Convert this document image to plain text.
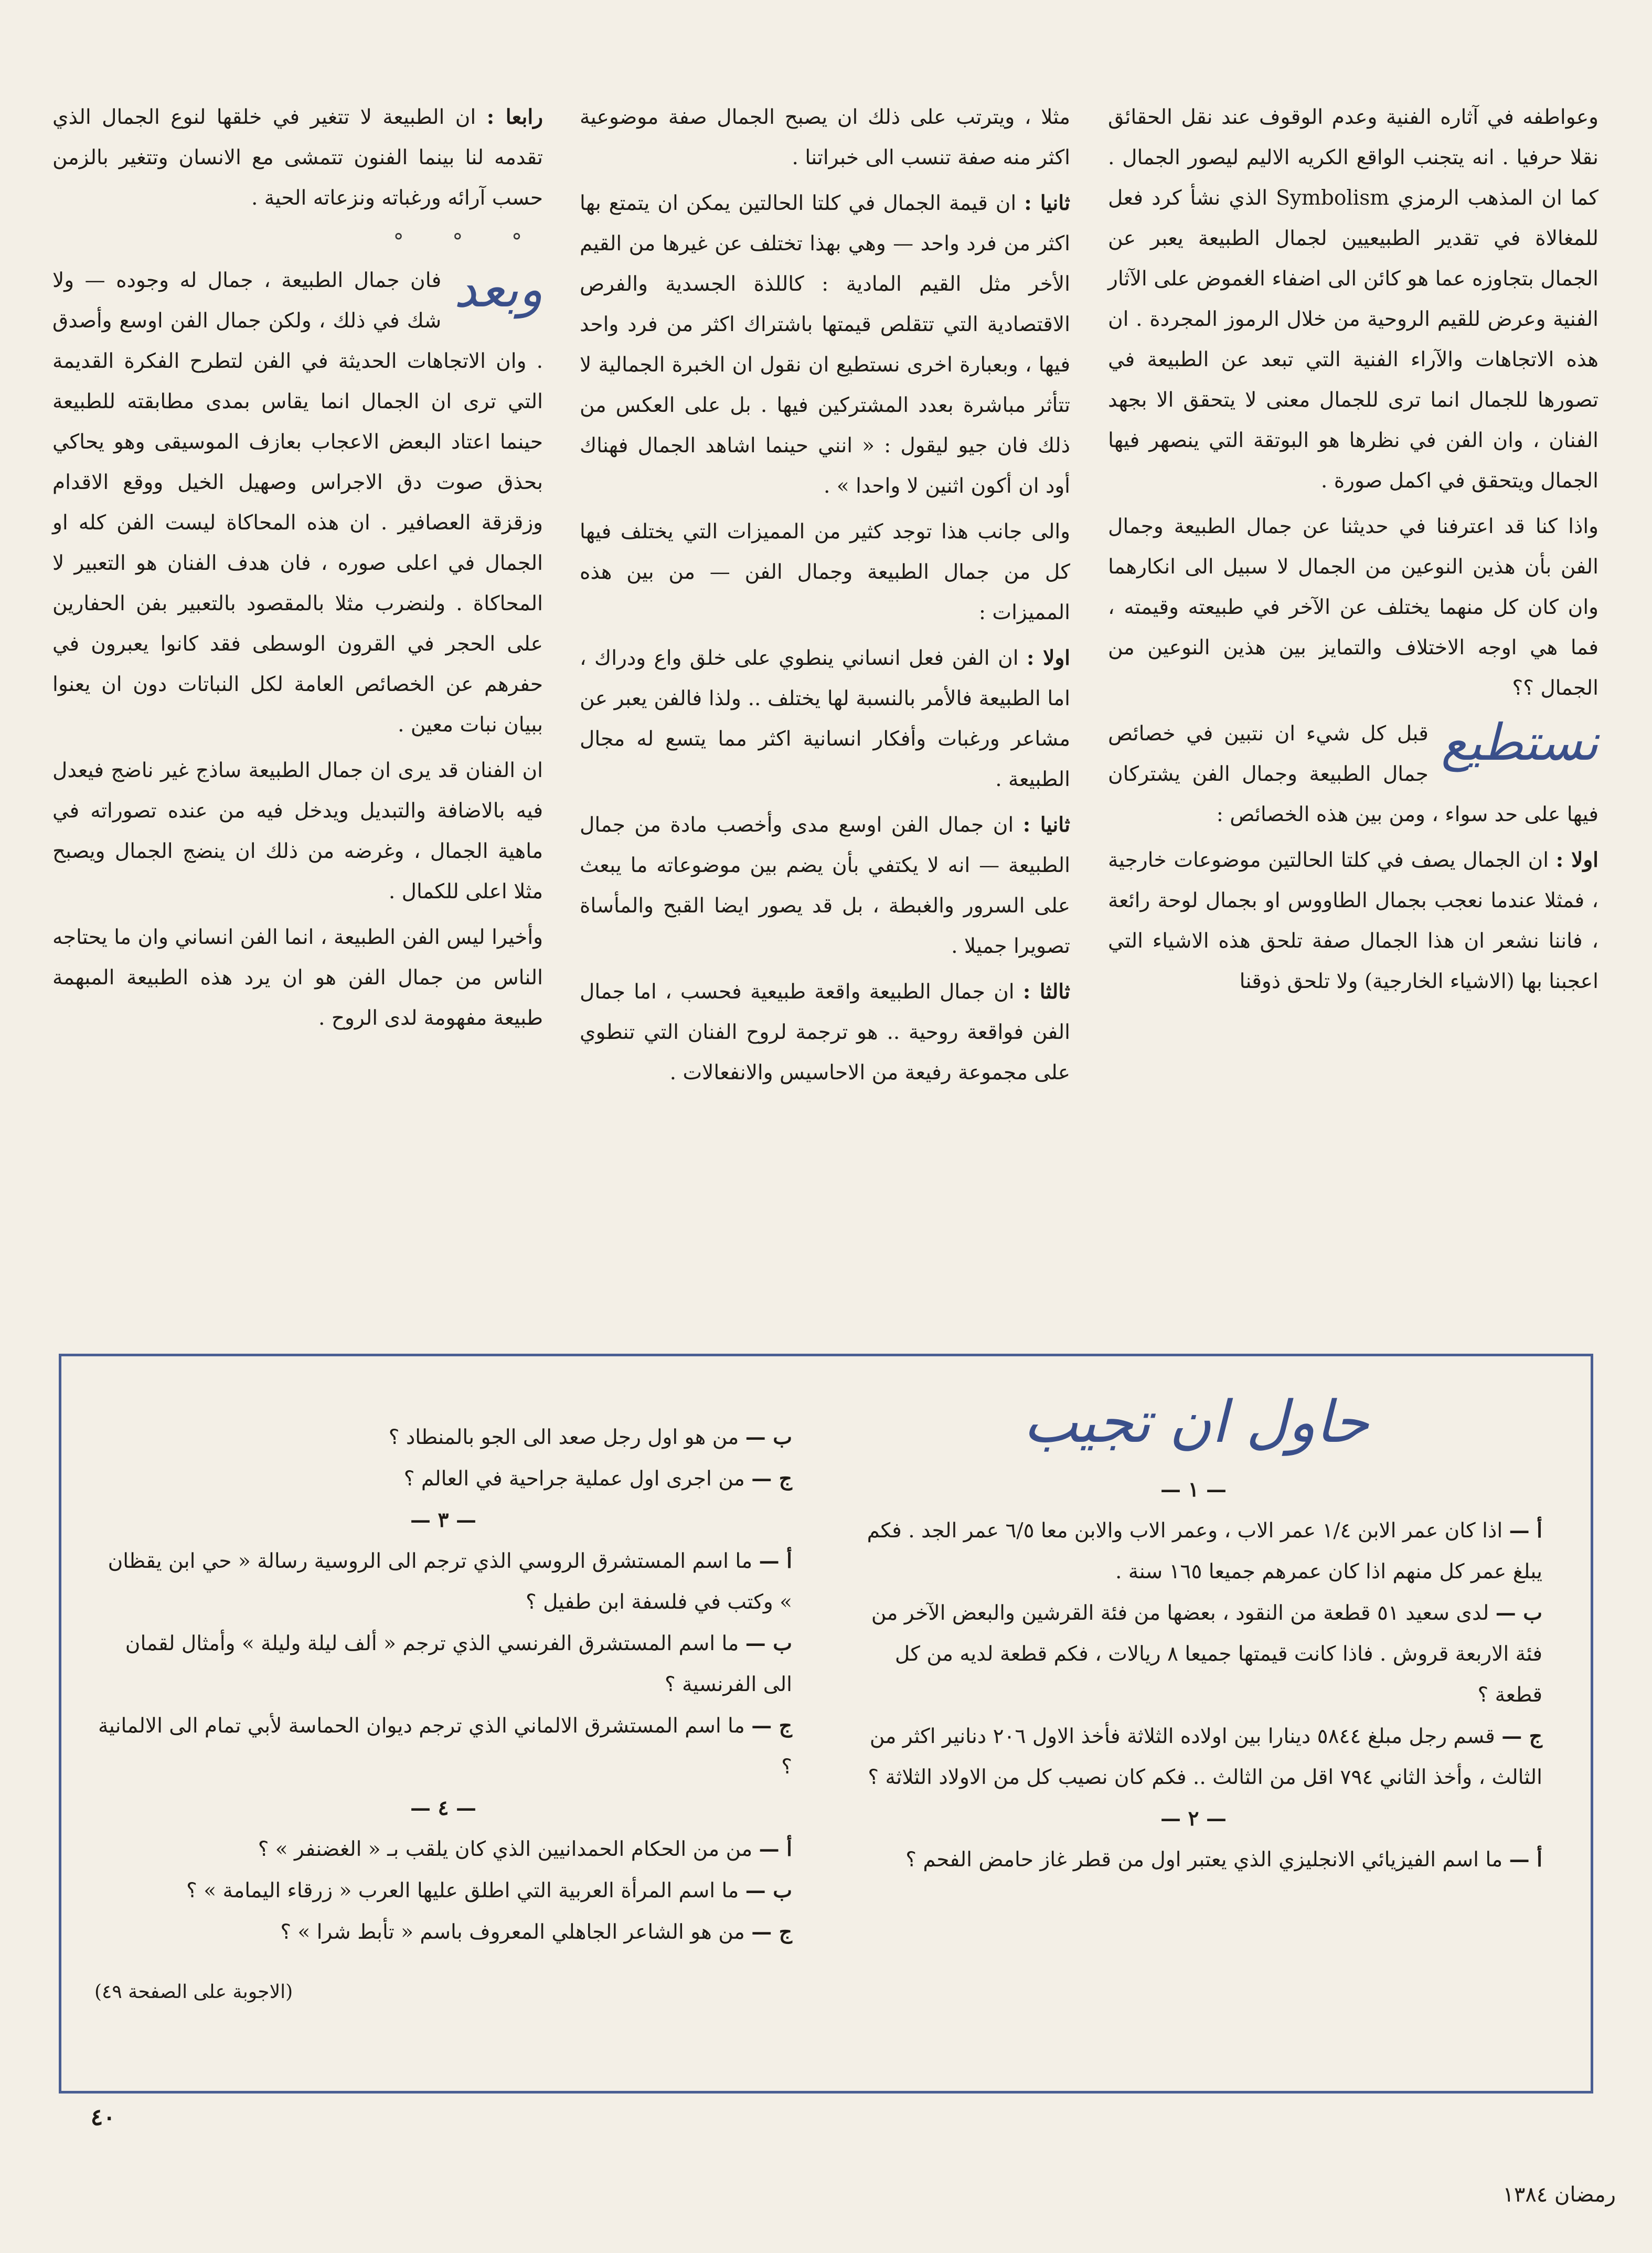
وعواطفه في آثاره الفنية وعدم الوقوف عند نقل الحقائق نقلا حرفيا . انه يتجنب الواقع الكريه الاليم ليصور الجمال . كما ان المذهب الرمزي Symbolism الذي نشأ كرد فعل للمغالاة في تقدير الطبيعيين لجمال الطبيعة يعبر عن الجمال بتجاوزه عما هو كائن الى اضفاء الغموض على الآثار الفنية وعرض للقيم الروحية من خلال الرموز المجردة . ان هذه الاتجاهات والآراء الفنية التي تبعد عن الطبيعة في تصورها للجمال انما ترى للجمال معنى لا يتحقق الا بجهد الفنان ، وان الفن في نظرها هو البوتقة التي ينصهر فيها الجمال ويتحقق في اكمل صورة .

واذا كنا قد اعترفنا في حديثنا عن جمال الطبيعة وجمال الفن بأن هذين النوعين من الجمال لا سبيل الى انكارهما وان كان كل منهما يختلف عن الآخر في طبيعته وقيمته ، فما هي اوجه الاختلاف والتمايز بين هذين النوعين من الجمال ؟؟

نستطيع
قبل كل شيء ان نتبين في خصائص جمال الطبيعة وجمال الفن يشتركان فيها على حد سواء ، ومن بين هذه الخصائص :

اولا : ان الجمال يصف في كلتا الحالتين موضوعات خارجية ، فمثلا عندما نعجب بجمال الطاووس او بجمال لوحة رائعة ، فاننا نشعر ان هذا الجمال صفة تلحق هذه الاشياء التي اعجبنا بها (الاشياء الخارجية) ولا تلحق ذوقنا

مثلا ، ويترتب على ذلك ان يصبح الجمال صفة موضوعية اكثر منه صفة تنسب الى خبراتنا .

ثانيا : ان قيمة الجمال في كلتا الحالتين يمكن ان يتمتع بها اكثر من فرد واحد — وهي بهذا تختلف عن غيرها من القيم الأخر مثل القيم المادية : كاللذة الجسدية والفرص الاقتصادية التي تتقلص قيمتها باشتراك اكثر من فرد واحد فيها ، وبعبارة اخرى نستطيع ان نقول ان الخبرة الجمالية لا تتأثر مباشرة بعدد المشتركين فيها . بل على العكس من ذلك فان جيو ليقول : « انني حينما اشاهد الجمال فهناك أود ان أكون اثنين لا واحدا » .

والى جانب هذا توجد كثير من المميزات التي يختلف فيها كل من جمال الطبيعة وجمال الفن — من بين هذه المميزات :

اولا : ان الفن فعل انساني ينطوي على خلق واع ودراك ، اما الطبيعة فالأمر بالنسبة لها يختلف .. ولذا فالفن يعبر عن مشاعر ورغبات وأفكار انسانية اكثر مما يتسع له مجال الطبيعة .

ثانيا : ان جمال الفن اوسع مدى وأخصب مادة من جمال الطبيعة — انه لا يكتفي بأن يضم بين موضوعاته ما يبعث على السرور والغبطة ، بل قد يصور ايضا القبح والمأساة تصويرا جميلا .

ثالثا : ان جمال الطبيعة واقعة طبيعية فحسب ، اما جمال الفن فواقعة روحية .. هو ترجمة لروح الفنان التي تنطوي على مجموعة رفيعة من الاحاسيس والانفعالات .

رابعا : ان الطبيعة لا تتغير في خلقها لنوع الجمال الذي تقدمه لنا بينما الفنون تتمشى مع الانسان وتتغير بالزمن حسب آرائه ورغباته ونزعاته الحية .

° ° °

وبعد
فان جمال الطبيعة ، جمال له وجوده — ولا شك في ذلك ، ولكن جمال الفن اوسع وأصدق . وان الاتجاهات الحديثة في الفن لتطرح الفكرة القديمة التي ترى ان الجمال انما يقاس بمدى مطابقته للطبيعة حينما اعتاد البعض الاعجاب بعازف الموسيقى وهو يحاكي بحذق صوت دق الاجراس وصهيل الخيل ووقع الاقدام وزقزقة العصافير . ان هذه المحاكاة ليست الفن كله او الجمال في اعلى صوره ، فان هدف الفنان هو التعبير لا المحاكاة . ولنضرب مثلا بالمقصود بالتعبير بفن الحفارين على الحجر في القرون الوسطى فقد كانوا يعبرون في حفرهم عن الخصائص العامة لكل النباتات دون ان يعنوا ببيان نبات معين .

ان الفنان قد يرى ان جمال الطبيعة ساذج غير ناضج فيعدل فيه بالاضافة والتبديل ويدخل فيه من عنده تصوراته في ماهية الجمال ، وغرضه من ذلك ان ينضج الجمال ويصبح مثلا اعلى للكمال .

وأخيرا ليس الفن الطبيعة ، انما الفن انساني وان ما يحتاجه الناس من جمال الفن هو ان يرد هذه الطبيعة المبهمة طبيعة مفهومة لدى الروح .

حاول ان تجيب
— ١ —

أ — اذا كان عمر الابن ١/٤ عمر الاب ، وعمر الاب والابن معا ٦/٥ عمر الجد . فكم يبلغ عمر كل منهم اذا كان عمرهم جميعا ١٦٥ سنة .

ب — لدى سعيد ٥١ قطعة من النقود ، بعضها من فئة القرشين والبعض الآخر من فئة الاربعة قروش . فاذا كانت قيمتها جميعا ٨ ريالات ، فكم قطعة لديه من كل قطعة ؟

ج — قسم رجل مبلغ ٥٨٤٤ دينارا بين اولاده الثلاثة فأخذ الاول ٢٠٦ دنانير اكثر من الثالث ، وأخذ الثاني ٧٩٤ اقل من الثالث .. فكم كان نصيب كل من الاولاد الثلاثة ؟

— ٢ —

أ — ما اسم الفيزيائي الانجليزي الذي يعتبر اول من قطر غاز حامض الفحم ؟

ب — من هو اول رجل صعد الى الجو بالمنطاد ؟

ج — من اجرى اول عملية جراحية في العالم ؟

— ٣ —

أ — ما اسم المستشرق الروسي الذي ترجم الى الروسية رسالة « حي ابن يقظان » وكتب في فلسفة ابن طفيل ؟

ب — ما اسم المستشرق الفرنسي الذي ترجم « ألف ليلة وليلة » وأمثال لقمان الى الفرنسية ؟

ج — ما اسم المستشرق الالماني الذي ترجم ديوان الحماسة لأبي تمام الى الالمانية ؟

— ٤ —

أ — من من الحكام الحمدانيين الذي كان يلقب بـ « الغضنفر » ؟

ب — ما اسم المرأة العربية التي اطلق عليها العرب « زرقاء اليمامة » ؟

ج — من هو الشاعر الجاهلي المعروف باسم « تأبط شرا » ؟

(الاجوبة على الصفحة ٤٩)

٤٠
رمضان ١٣٨٤
